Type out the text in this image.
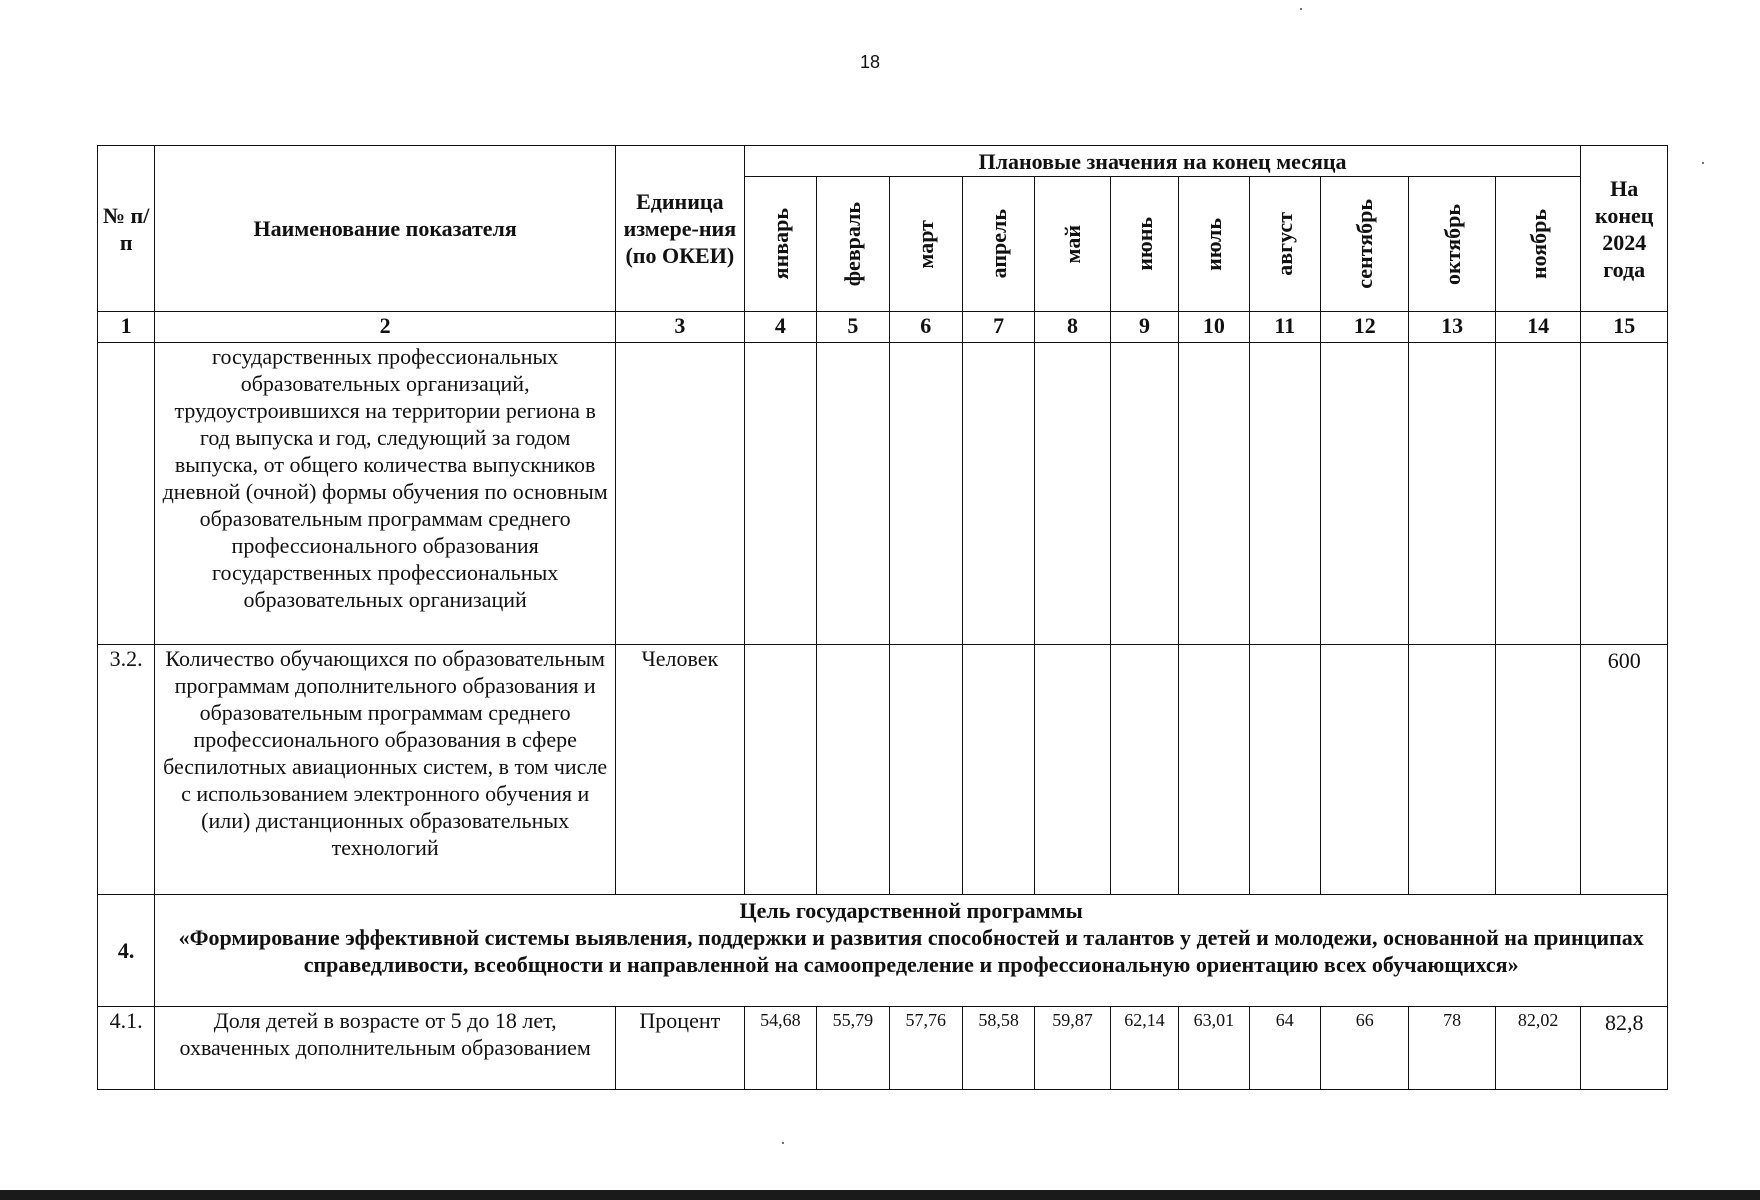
18
№ п/п	Наименование показателя	Единица измере-ния (по ОКЕИ)	Плановые значения на конец месяца											На конец 2024 года

			январь	февраль	март	апрель	май	июнь	июль	август	сентябрь	октябрь	ноябрь	

1	2	3	4	5	6	7	8	9	10	11	12	13	14	15
	государственных профессиональных образовательных организаций, трудоустроившихся на территории региона в год выпуска и год, следующий за годом выпуска, от общего количества выпускников дневной (очной) формы обучения по основным образовательным программам среднего профессионального образования государственных профессиональных образовательных организаций													
3.2.	Количество обучающихся по образовательным программам дополнительного образования и образовательным программам среднего профессионального образования в сфере беспилотных авиационных систем, в том числе с использованием электронного обучения и (или) дистанционных образовательных технологий	Человек												600
4.	Цель государственной программы
«Формирование эффективной системы выявления, поддержки и развития способностей и талантов у детей и молодежи, основанной на принципах справедливости, всеобщности и направленной на самоопределение и профессиональную ориентацию всех обучающихся»													

4.1.	Доля детей в возрасте от 5 до 18 лет, охваченных дополнительным образованием	Процент	54,68	55,79	57,76	58,58	59,87	62,14	63,01	64	66	78	82,02	82,8
